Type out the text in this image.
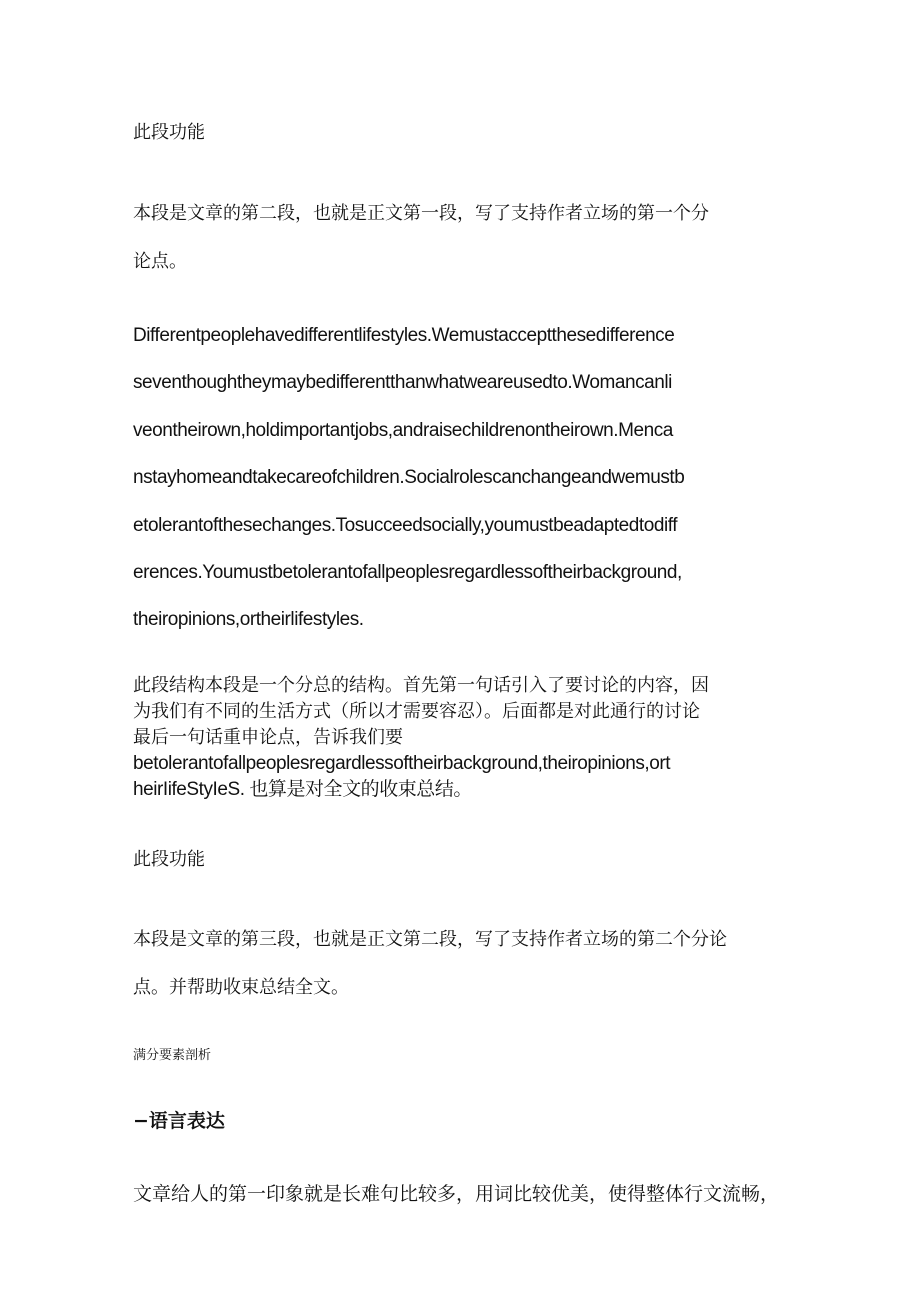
此段功能

本段是文章的第二段，也就是正文第一段，写了支持作者立场的第一个分
论点。

Differentpeoplehavedifferentlifestyles.Wemustacceptthesedifference
seventhoughtheymaybedifferentthanwhatweareusedto.Womancanli
veontheirown,holdimportantjobs,andraisechildrenontheirown.Menca
nstayhomeandtakecareofchildren.Socialrolescanchangeandwemustb
etolerantofthesechanges.Tosucceedsocially,youmustbeadaptedtodiff
erences.Youmustbetolerantofallpeoplesregardlessoftheirbackground,
theiropinions,ortheirlifestyles.

此段结构本段是一个分总的结构。首先第一句话引入了要讨论的内容，因
为我们有不同的生活方式（所以才需要容忍）。后面都是对此通行的讨论
最后一句话重申论点，告诉我们要
betolerantofallpeoplesregardlessoftheirbackground,theiropinions,ort
heirIifeStyIeS. 也算是对全文的收束总结。

此段功能

本段是文章的第三段，也就是正文第二段，写了支持作者立场的第二个分论
点。并帮助收束总结全文。

满分要素剖析

−语言表达

文章给人的第一印象就是长难句比较多，用词比较优美，使得整体行文流畅，
